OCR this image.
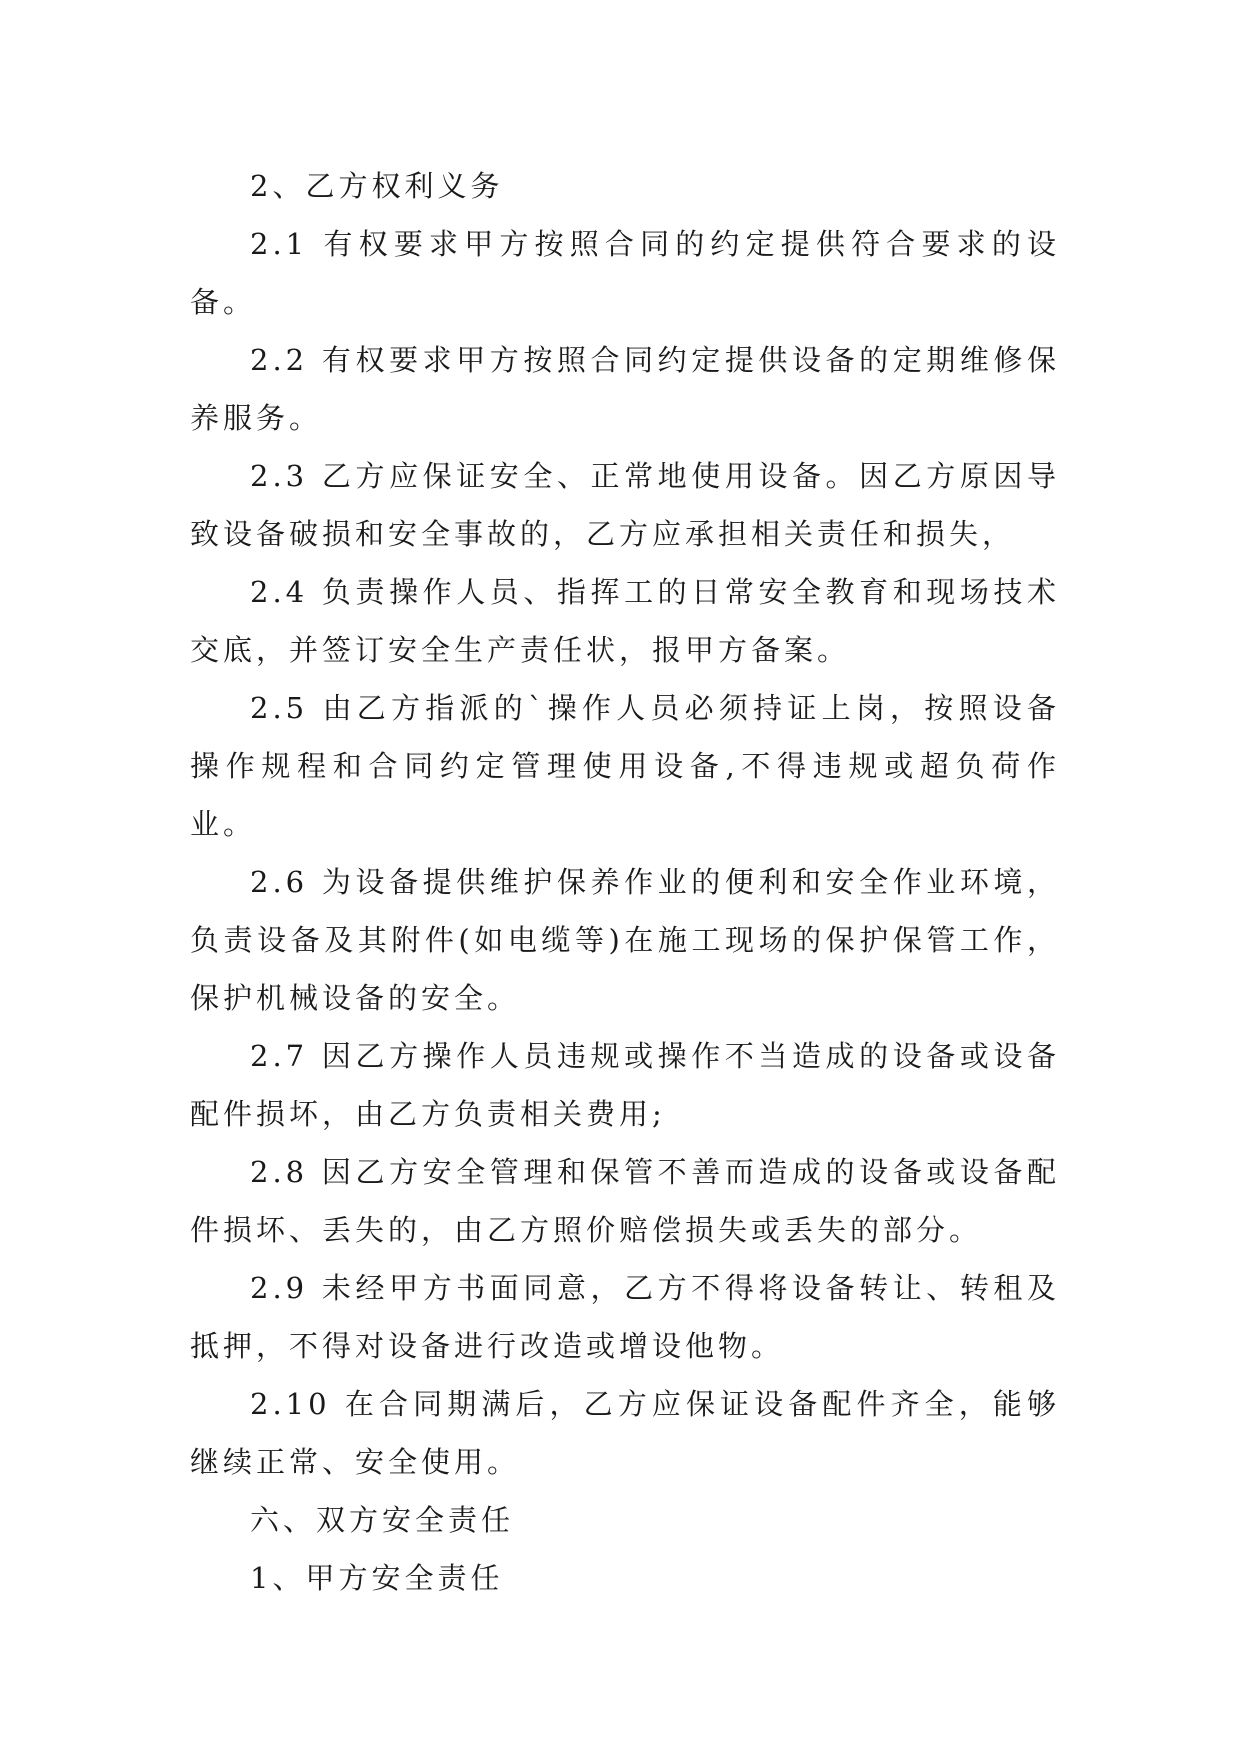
2、乙方权利义务

2.1 有权要求甲方按照合同的约定提供符合要求的设备。

2.2 有权要求甲方按照合同约定提供设备的定期维修保养服务。

2.3 乙方应保证安全、正常地使用设备。因乙方原因导致设备破损和安全事故的，乙方应承担相关责任和损失，

2.4 负责操作人员、指挥工的日常安全教育和现场技术交底，并签订安全生产责任状，报甲方备案。

2.5 由乙方指派的`操作人员必须持证上岗，按照设备操作规程和合同约定管理使用设备,不得违规或超负荷作业。

2.6 为设备提供维护保养作业的便利和安全作业环境，负责设备及其附件(如电缆等)在施工现场的保护保管工作，保护机械设备的安全。

2.7 因乙方操作人员违规或操作不当造成的设备或设备配件损坏，由乙方负责相关费用;

2.8 因乙方安全管理和保管不善而造成的设备或设备配件损坏、丢失的，由乙方照价赔偿损失或丢失的部分。

2.9 未经甲方书面同意，乙方不得将设备转让、转租及抵押，不得对设备进行改造或增设他物。

2.10 在合同期满后，乙方应保证设备配件齐全，能够继续正常、安全使用。

六、双方安全责任

1、甲方安全责任
